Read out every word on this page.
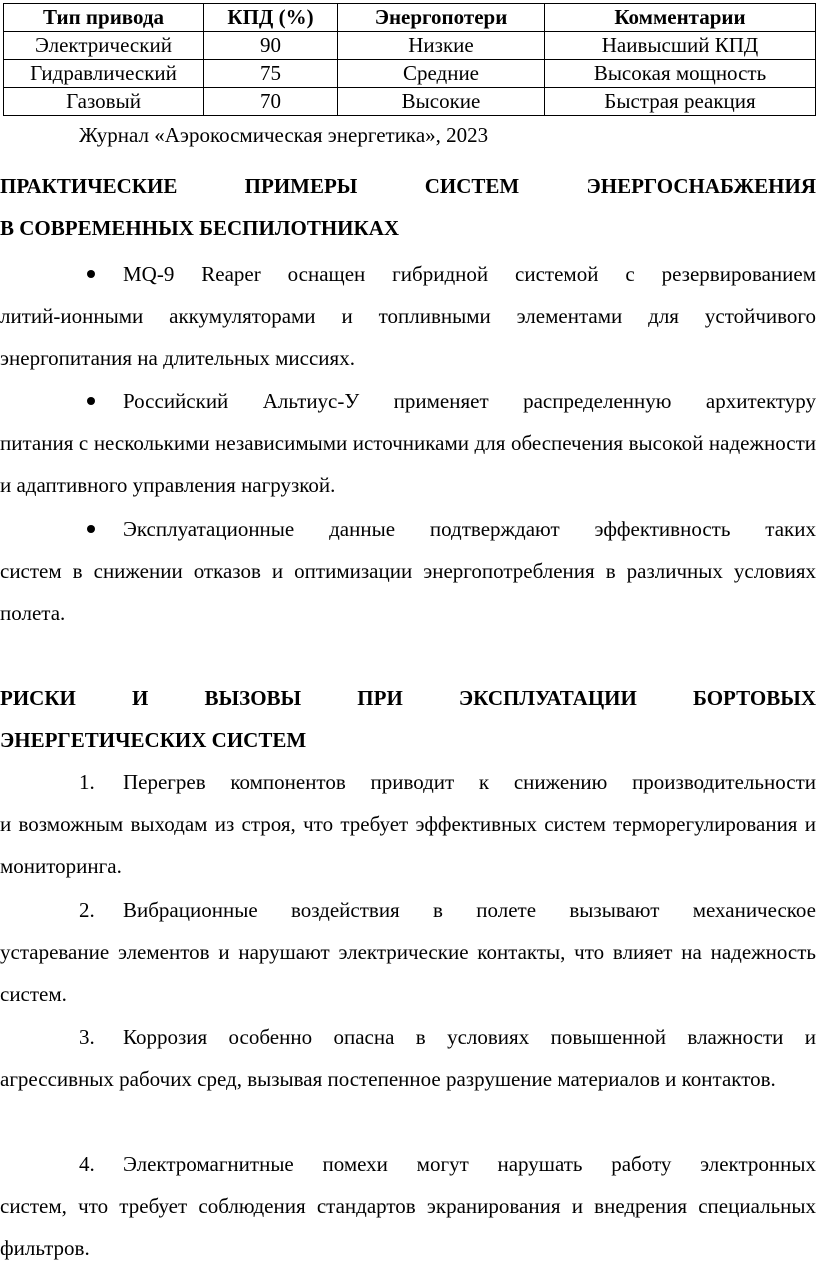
Тип привода	КПД (%)	Энергопотери	Комментарии
Электрический	90	Низкие	Наивысший КПД
Гидравлический	75	Средние	Высокая мощность
Газовый	70	Высокие	Быстрая реакция
Журнал «Аэрокосмическая энергетика», 2023
ПРАКТИЧЕСКИЕ ПРИМЕРЫ СИСТЕМ ЭНЕРГОСНАБЖЕНИЯ
В СОВРЕМЕННЫХ БЕСПИЛОТНИКАХ
MQ-9 Reaper оснащен гибридной системой с резервированием
литий-ионными аккумуляторами и топливными элементами для устойчивого энергопитания на длительных миссиях.
Российский Альтиус-У применяет распределенную архитектуру
питания с несколькими независимыми источниками для обеспечения высокой надежности и адаптивного управления нагрузкой.
Эксплуатационные данные подтверждают эффективность таких
систем в снижении отказов и оптимизации энергопотребления в различных условиях полета.
РИСКИ И ВЫЗОВЫ ПРИ ЭКСПЛУАТАЦИИ БОРТОВЫХ
ЭНЕРГЕТИЧЕСКИХ СИСТЕМ
1.	Перегрев компонентов приводит к снижению производительности
и возможным выходам из строя, что требует эффективных систем терморегулирования и мониторинга.
2.	Вибрационные воздействия в полете вызывают механическое
устаревание элементов и нарушают электрические контакты, что влияет на надежность систем.
3.	Коррозия особенно опасна в условиях повышенной влажности и
агрессивных рабочих сред, вызывая постепенное разрушение материалов и контактов.
4.	Электромагнитные помехи могут нарушать работу электронных
систем, что требует соблюдения стандартов экранирования и внедрения специальных фильтров.
